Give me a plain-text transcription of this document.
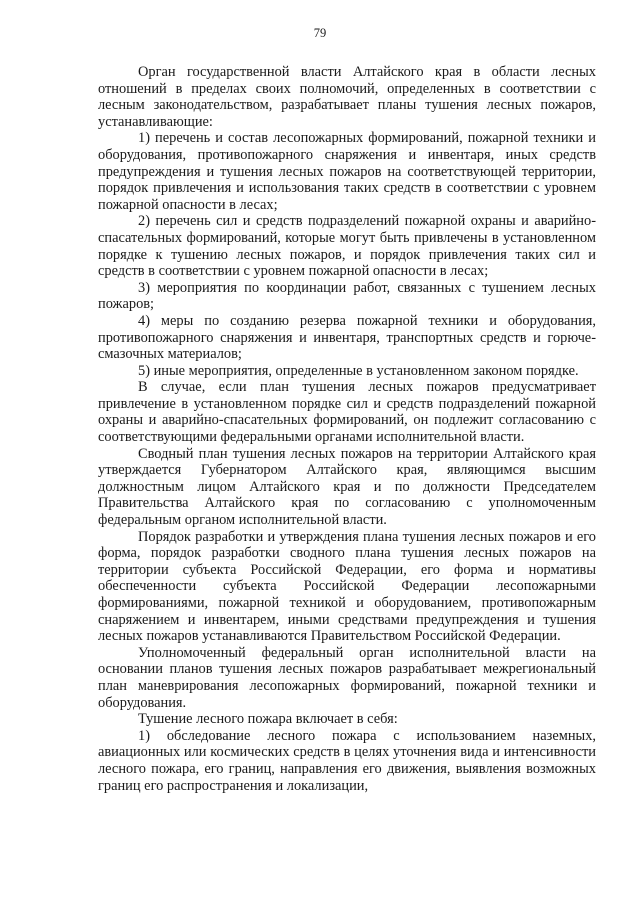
79

Орган государственной власти Алтайского края в области лесных отношений в пределах своих полномочий, определенных в соответствии с лесным законодательством, разрабатывает планы тушения лесных пожаров, устанавливающие:

1) перечень и состав лесопожарных формирований, пожарной техники и оборудования, противопожарного снаряжения и инвентаря, иных средств предупреждения и тушения лесных пожаров на соответствующей территории, порядок привлечения и использования таких средств в соответствии с уровнем пожарной опасности в лесах;

2) перечень сил и средств подразделений пожарной охраны и аварийно-спасательных формирований, которые могут быть привлечены в установленном порядке к тушению лесных пожаров, и порядок привлечения таких сил и средств в соответствии с уровнем пожарной опасности в лесах;

3) мероприятия по координации работ, связанных с тушением лесных пожаров;

4) меры по созданию резерва пожарной техники и оборудования, противопожарного снаряжения и инвентаря, транспортных средств и горюче-смазочных материалов;

5) иные мероприятия, определенные в установленном законом порядке.

В случае, если план тушения лесных пожаров предусматривает привлечение в установленном порядке сил и средств подразделений пожарной охраны и аварийно-спасательных формирований, он подлежит согласованию с соответствующими федеральными органами исполнительной власти.

Сводный план тушения лесных пожаров на территории Алтайского края утверждается Губернатором Алтайского края, являющимся высшим должностным лицом Алтайского края и по должности Председателем Правительства Алтайского края по согласованию с уполномоченным федеральным органом исполнительной власти.

Порядок разработки и утверждения плана тушения лесных пожаров и его форма, порядок разработки сводного плана тушения лесных пожаров на территории субъекта Российской Федерации, его форма и нормативы обеспеченности субъекта Российской Федерации лесопожарными формированиями, пожарной техникой и оборудованием, противопожарным снаряжением и инвентарем, иными средствами предупреждения и тушения лесных пожаров устанавливаются Правительством Российской Федерации.

Уполномоченный федеральный орган исполнительной власти на основании планов тушения лесных пожаров разрабатывает межрегиональный план маневрирования лесопожарных формирований, пожарной техники и оборудования.

Тушение лесного пожара включает в себя:

1) обследование лесного пожара с использованием наземных, авиационных или космических средств в целях уточнения вида и интенсивности лесного пожара, его границ, направления его движения, выявления возможных границ его распространения и локализации,
